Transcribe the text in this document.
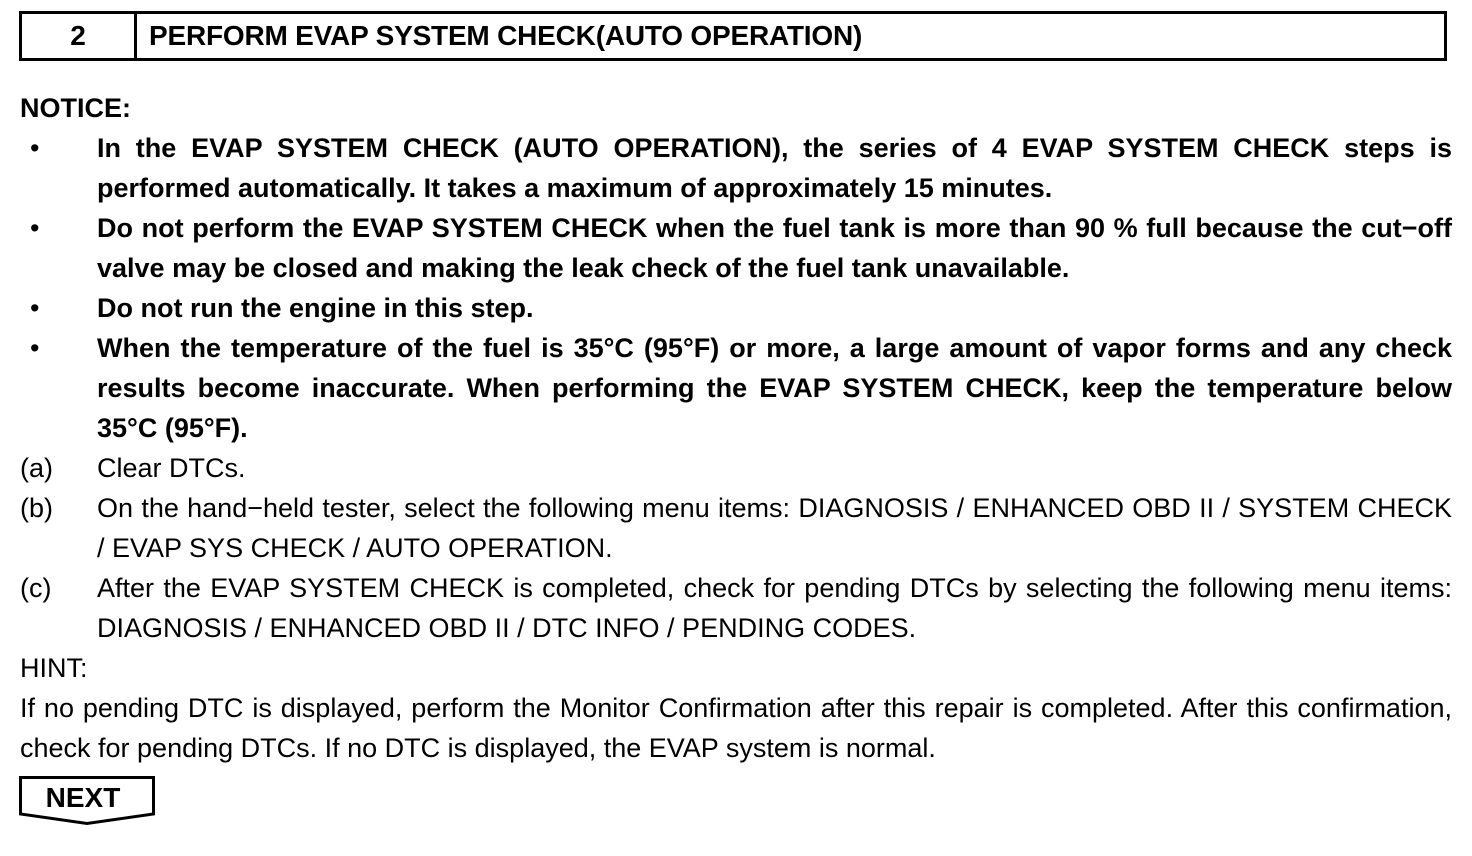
2	PERFORM EVAP SYSTEM CHECK(AUTO OPERATION)
NOTICE:
•	In the EVAP SYSTEM CHECK (AUTO OPERATION), the series of 4 EVAP SYSTEM CHECK steps is performed automatically. It takes a maximum of approximately 15 minutes.
•	Do not perform the EVAP SYSTEM CHECK when the fuel tank is more than 90 % full because the cut−off valve may be closed and making the leak check of the fuel tank unavailable.
•	Do not run the engine in this step.
•	When the temperature of the fuel is 35°C (95°F) or more, a large amount of vapor forms and any check results become inaccurate. When performing the EVAP SYSTEM CHECK, keep the temperature below 35°C (95°F).
(a)	Clear DTCs.
(b)	On the hand−held tester, select the following menu items: DIAGNOSIS / ENHANCED OBD II / SYSTEM CHECK / EVAP SYS CHECK / AUTO OPERATION.
(c)	After the EVAP SYSTEM CHECK is completed, check for pending DTCs by selecting the following menu items: DIAGNOSIS / ENHANCED OBD II / DTC INFO / PENDING CODES.
HINT:
If no pending DTC is displayed, perform the Monitor Confirmation after this repair is completed. After this confirmation, check for pending DTCs. If no DTC is displayed, the EVAP system is normal.
NEXT
